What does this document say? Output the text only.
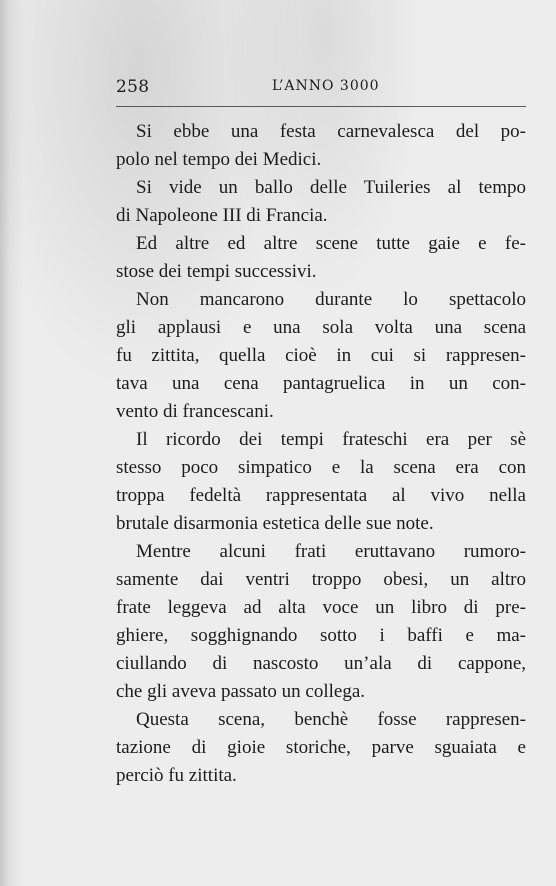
258	L’ANNO 3000
Si ebbe una festa carnevalesca del po-
polo nel tempo dei Medici.
Si vide un ballo delle Tuileries al tempo
di Napoleone III di Francia.
Ed altre ed altre scene tutte gaie e fe-
stose dei tempi successivi.
Non mancarono durante lo spettacolo
gli applausi e una sola volta una scena
fu zittita, quella cioè in cui si rappresen-
tava una cena pantagruelica in un con-
vento di francescani.
Il ricordo dei tempi frateschi era per sè
stesso poco simpatico e la scena era con
troppa fedeltà rappresentata al vivo nella
brutale disarmonia estetica delle sue note.
Mentre alcuni frati eruttavano rumoro-
samente dai ventri troppo obesi, un altro
frate leggeva ad alta voce un libro di pre-
ghiere, sogghignando sotto i baffi e ma-
ciullando di nascosto un’ala di cappone,
che gli aveva passato un collega.
Questa scena, benchè fosse rappresen-
tazione di gioie storiche, parve sguaiata e
perciò fu zittita.
